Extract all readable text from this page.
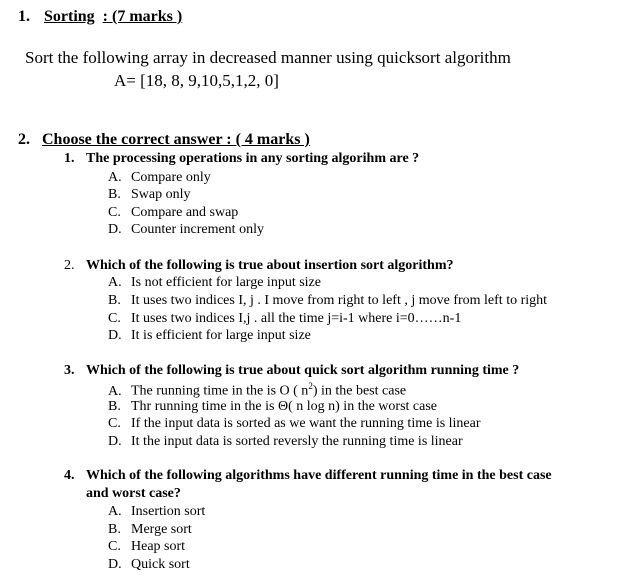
1. Sorting : (7 marks )
Sort the following array in decreased manner using quicksort algorithm
A= [18, 8, 9,10,5,1,2, 0]
2. Choose the correct answer : ( 4 marks )
1. The processing operations in any sorting algorihm are ?
A. Compare only
B. Swap only
C. Compare and swap
D. Counter increment only
2. Which of the following is true about insertion sort algorithm?
A. Is not efficient for large input size
B. It uses two indices I, j . I move from right to left , j move from left to right
C. It uses two indices I,j . all the time j=i-1 where i=0……n-1
D. It is efficient for large input size
3. Which of the following is true about quick sort algorithm running time ?
A. The running time in the is O ( $n^2$) in the best case
B. Thr running time in the is Θ( n log n) in the worst case
C. If the input data is sorted as we want the running time is linear
D. It the input data is sorted reversly the running time is linear
4. Which of the following algorithms have different running time in the best case
and worst case?
A. Insertion sort
B. Merge sort
C. Heap sort
D. Quick sort
